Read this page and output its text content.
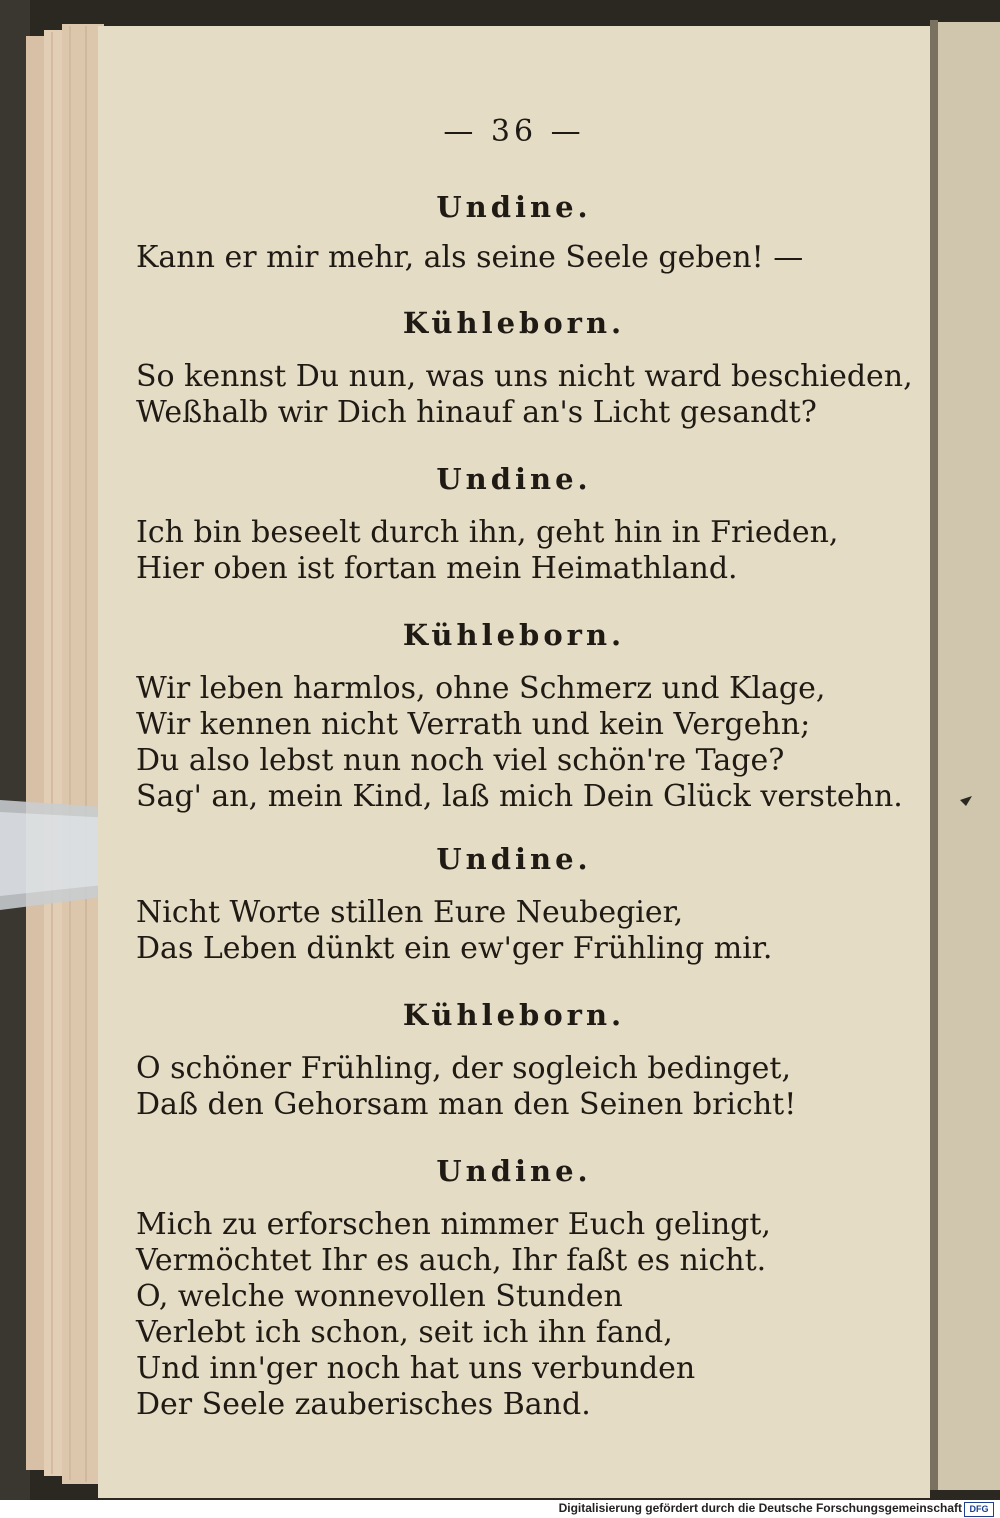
— 36 —
Undine.
Kann er mir mehr, als seine Seele geben! —
Kühleborn.
So kennst Du nun, was uns nicht ward beschieden,
Weßhalb wir Dich hinauf an's Licht gesandt?
Undine.
Ich bin beseelt durch ihn, geht hin in Frieden,
Hier oben ist fortan mein Heimathland.
Kühleborn.
Wir leben harmlos, ohne Schmerz und Klage,
Wir kennen nicht Verrath und kein Vergehn;
Du also lebst nun noch viel schön're Tage?
Sag' an, mein Kind, laß mich Dein Glück verstehn.
Undine.
Nicht Worte stillen Eure Neubegier,
Das Leben dünkt ein ew'ger Frühling mir.
Kühleborn.
O schöner Frühling, der sogleich bedinget,
Daß den Gehorsam man den Seinen bricht!
Undine.
Mich zu erforschen nimmer Euch gelingt,
Vermöchtet Ihr es auch, Ihr faßt es nicht.
O, welche wonnevollen Stunden
Verlebt ich schon, seit ich ihn fand,
Und inn'ger noch hat uns verbunden
Der Seele zauberisches Band.
Digitalisierung gefördert durch die Deutsche Forschungsgemeinschaft DFG
